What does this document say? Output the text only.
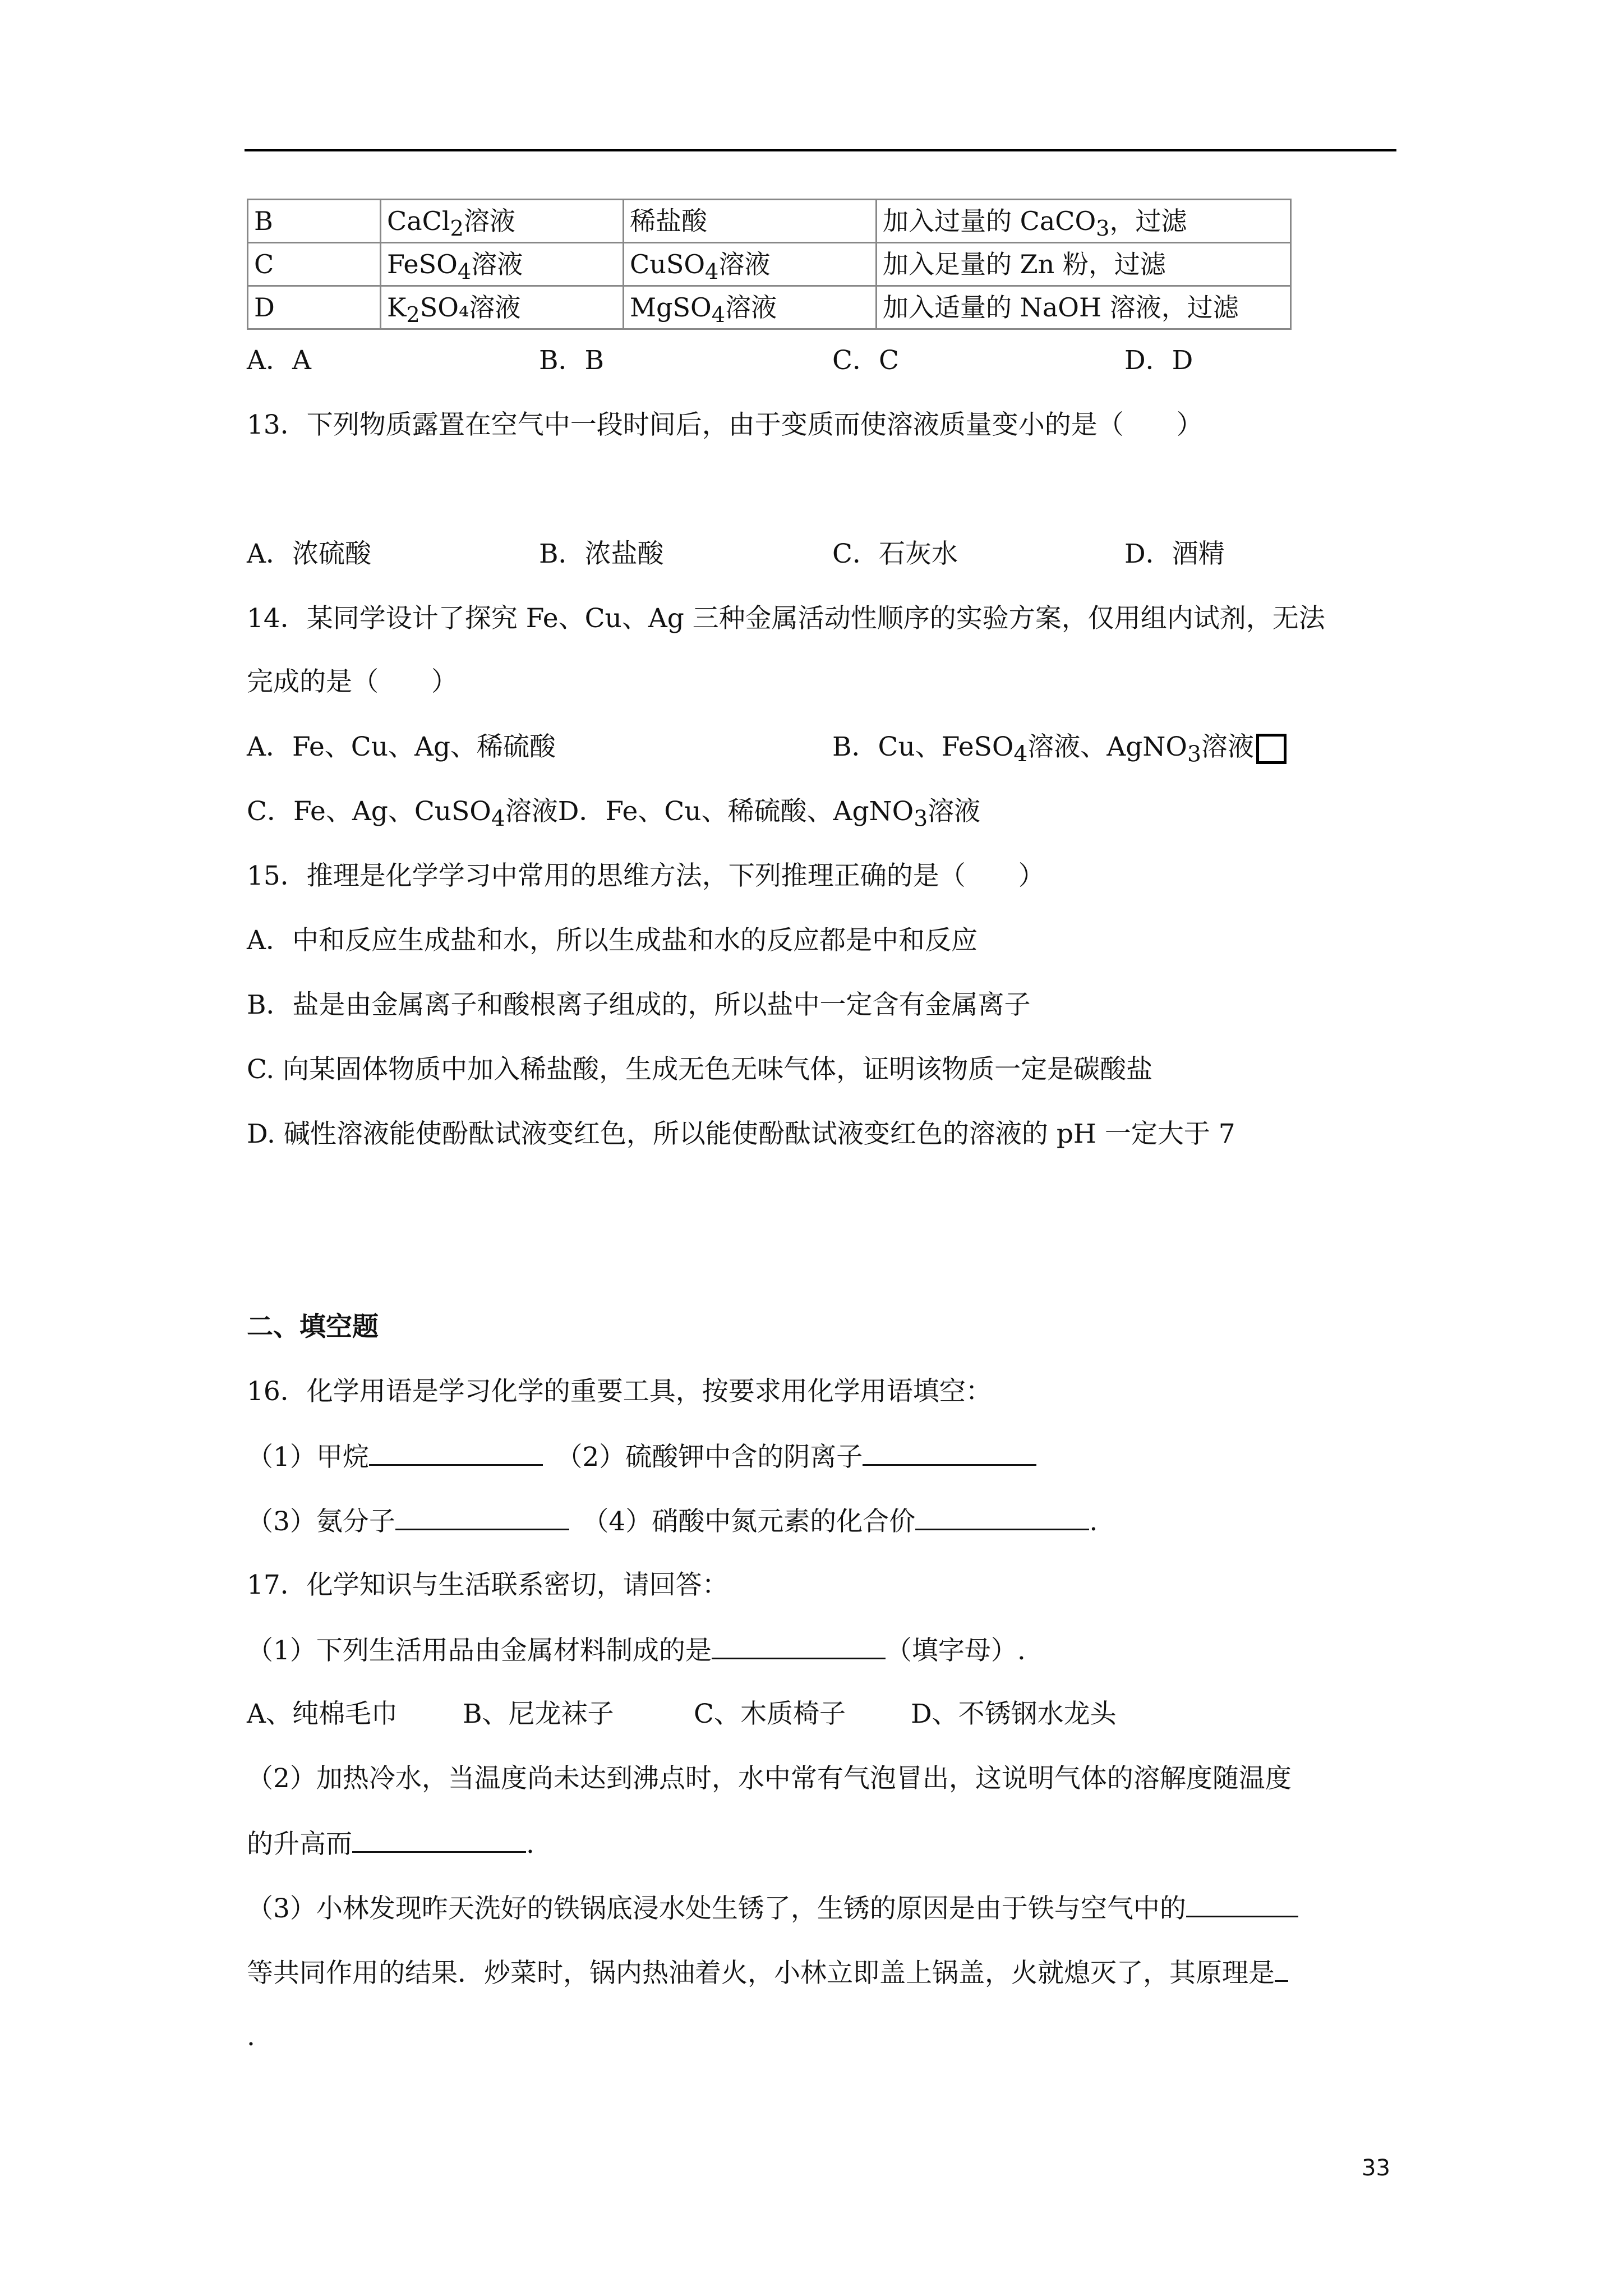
B	CaCl$_2$溶液	稀盐酸	加入过量的 CaCO$_3$，过滤
C	FeSO$_4$溶液	CuSO$_4$溶液	加入足量的 Zn 粉，过滤
D	$K_2SO_4$溶液	MgSO$_4$溶液	加入适量的 NaOH 溶液，过滤
A．A	B．B	C．C	D．D
13．下列物质露置在空气中一段时间后，由于变质而使溶液质量变小的是（　　）
A．浓硫酸	B．浓盐酸	C．石灰水	D．酒精
14．某同学设计了探究 Fe、Cu、Ag 三种金属活动性顺序的实验方案，仅用组内试剂，无法
完成的是（　　）
A．Fe、Cu、Ag、稀硫酸	B．Cu、FeSO$_4$溶液、AgNO$_3$溶液
C．Fe、Ag、CuSO$_4$溶液D．Fe、Cu、稀硫酸、AgNO$_3$溶液
15．推理是化学学习中常用的思维方法，下列推理正确的是（　　）
A．中和反应生成盐和水，所以生成盐和水的反应都是中和反应
B．盐是由金属离子和酸根离子组成的，所以盐中一定含有金属离子
C. 向某固体物质中加入稀盐酸，生成无色无味气体，证明该物质一定是碳酸盐
D. 碱性溶液能使酚酞试液变红色，所以能使酚酞试液变红色的溶液的 pH 一定大于 7
二、填空题
16．化学用语是学习化学的重要工具，按要求用化学用语填空：
（1）甲烷　	（2）硫酸钾中含的阴离子
（3）氨分子　	（4）硝酸中氮元素的化合价	.
17．化学知识与生活联系密切，请回答：
（1）下列生活用品由金属材料制成的是	（填字母）.
A、纯棉毛巾 B、尼龙袜子	C、木质椅子 D、不锈钢水龙头
（2）加热冷水，当温度尚未达到沸点时，水中常有气泡冒出，这说明气体的溶解度随温度
的升高而	.
（3）小林发现昨天洗好的铁锅底浸水处生锈了，生锈的原因是由于铁与空气中的
等共同作用的结果．炒菜时，锅内热油着火，小林立即盖上锅盖，火就熄灭了，其原理是
.
33
